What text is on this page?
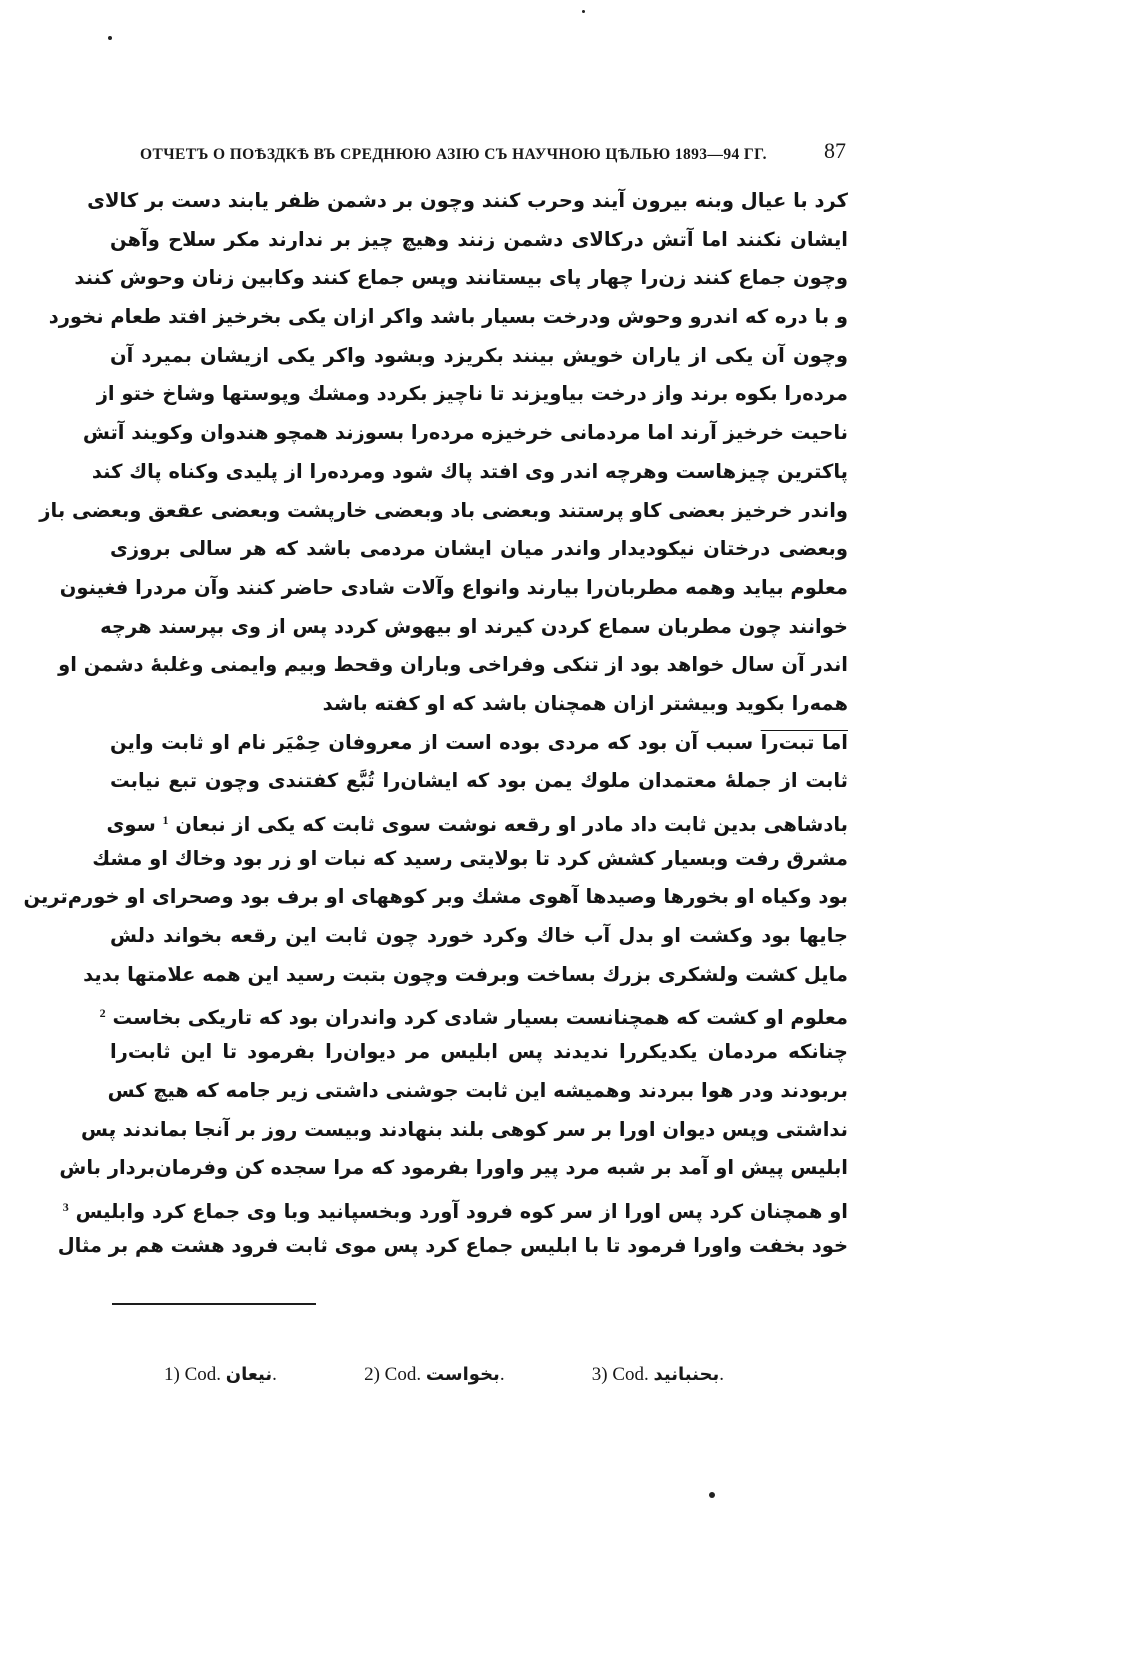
ОТЧЕТЪ О ПОѢЗДКѢ ВЪ СРЕДНЮЮ АЗІЮ СЪ НАУЧНОЮ ЦѢЛЬЮ 1893—94 ГГ.	87
کرد با عیال وبنه بیرون آیند وحرب کنند وچون بر دشمن ظفر یابند دست بر کالای
ایشان نکنند اما آتش درکالای دشمن زنند وهیچ چیز بر ندارند مکر سلاح وآهن
وچون جماع کنند زن‌را چهار پای بیستانند وپس جماع کنند وکابین زنان وحوش کنند
و با دره که اندرو وحوش ودرخت بسیار باشد واکر ازان یکی بخرخیز افتد طعام نخورد
وچون آن یکی از یاران خویش بینند بکریزد وبشود واکر یکی ازیشان بمیرد آن
مرده‌را بکوه برند واز درخت بیاویزند تا ناچیز بکردد ومشك وپوستها وشاخ ختو از
ناحیت خرخیز آرند اما مردمانی خرخیزه مرده‌را بسوزند همچو هندوان وکویند آتش
پاکترین چیزهاست وهرچه اندر وی افتد پاك شود ومرده‌را از پلیدی وکناه پاك کند
واندر خرخیز بعضی کاو پرستند وبعضی باد وبعضی خارپشت وبعضی عقعق وبعضی باز
وبعضی درختان نیکودیدار واندر میان ایشان مردمی باشد که هر سالی بروزی
معلوم بیاید وهمه مطربان‌را بیارند وانواع وآلات شادی حاضر کنند وآن مردرا فغینون
خوانند چون مطربان سماع کردن کیرند او بیهوش کردد پس از وی بپرسند هرچه
اندر آن سال خواهد بود از تنکی وفراخی وباران وقحط وبیم وایمنی وغلبهٔ دشمن او
همه‌را بکوید وبیشتر ازان همچنان باشد که او کفته باشد
اما تبت‌را سبب آن بود که مردی بوده است از معروفان حِمْیَر نام او ثابت واین
ثابت از جملهٔ معتمدان ملوك یمن بود که ایشان‌را تُبَّع کفتندی وچون تبع نیابت
بادشاهی بدین ثابت داد مادر او رقعه نوشت سوی ثابت که یکی از نبعان $^1$ سوی
مشرق رفت وبسیار کشش کرد تا بولایتی رسید که نبات او زر بود وخاك او مشك
بود وکیاه او بخورها وصیدها آهوی مشك وبر کوههای او برف بود وصحرای او خورم‌ترین
جایها بود وکشت او بدل آب خاك وکرد خورد چون ثابت این رقعه بخواند دلش
مایل کشت ولشکری بزرك بساخت وبرفت وچون بتبت رسید این همه علامتها بدید
معلوم او کشت که همچنانست بسیار شادی کرد واندران بود که تاریکی بخاست $^2$
چنانکه مردمان یکدیکررا ندیدند پس ابلیس مر دیوان‌را بفرمود تا این ثابت‌را
بربودند ودر هوا ببردند وهمیشه این ثابت جوشنی داشتی زیر جامه که هیچ کس
نداشتی وپس دیوان اورا بر سر کوهی بلند بنهادند وبیست روز بر آنجا بماندند پس
ابلیس پیش او آمد بر شبه مرد پیر واورا بفرمود که مرا سجده کن وفرمان‌بردار باش
او همچنان کرد پس اورا از سر کوه فرود آورد وبخسپانید وبا وی جماع کرد وابلیس $^3$
خود بخفت واورا فرمود تا با ابلیس جماع کرد پس موی ثابت فرود هشت هم بر مثال
1) Cod. نیعان.	2) Cod. بخواست.	3) Cod. بحنبانید.
